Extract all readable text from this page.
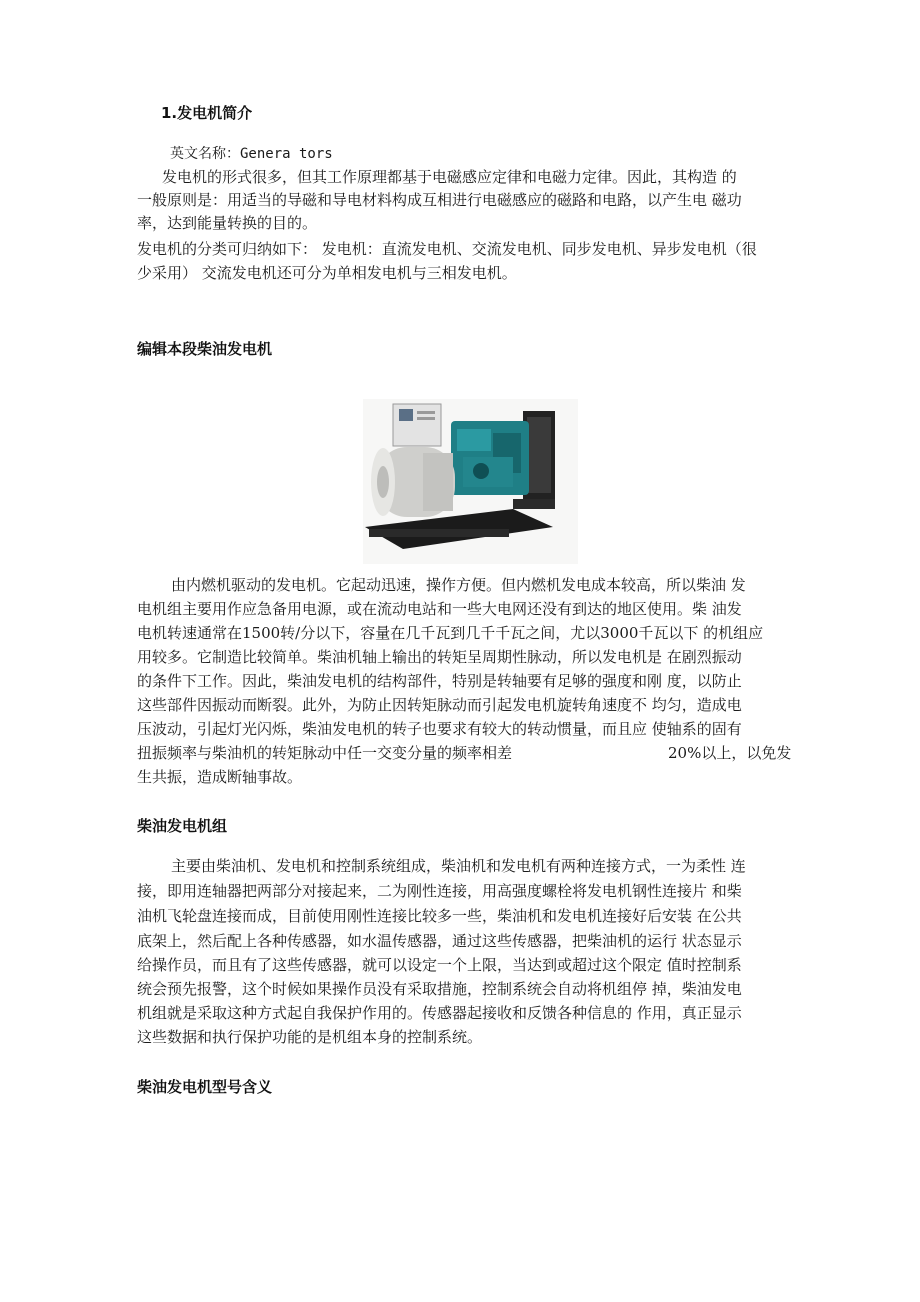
1.发电机简介
英文名称：Genera tors
发电机的形式很多，但其工作原理都基于电磁感应定律和电磁力定律。因此，其构造 的
一般原则是：用适当的导磁和导电材料构成互相进行电磁感应的磁路和电路，以产生电 磁功
率，达到能量转换的目的。
发电机的分类可归纳如下： 发电机：直流发电机、交流发电机、同步发电机、异步发电机（很
少采用） 交流发电机还可分为单相发电机与三相发电机。
编辑本段柴油发电机
由内燃机驱动的发电机。它起动迅速，操作方便。但内燃机发电成本较高，所以柴油 发
电机组主要用作应急备用电源，或在流动电站和一些大电网还没有到达的地区使用。柴 油发
电机转速通常在1500转/分以下，容量在几千瓦到几千千瓦之间，尤以3000千瓦以下 的机组应
用较多。它制造比较简单。柴油机轴上输出的转矩呈周期性脉动，所以发电机是 在剧烈振动
的条件下工作。因此，柴油发电机的结构部件，特别是转轴要有足够的强度和刚 度，以防止
这些部件因振动而断裂。此外，为防止因转矩脉动而引起发电机旋转角速度不 均匀，造成电
压波动，引起灯光闪烁，柴油发电机的转子也要求有较大的转动惯量，而且应 使轴系的固有
扭振频率与柴油机的转矩脉动中任一交变分量的频率相差	20%以上，以免发
生共振，造成断轴事故。
柴油发电机组
主要由柴油机、发电机和控制系统组成，柴油机和发电机有两种连接方式，一为柔性 连
接，即用连轴器把两部分对接起来，二为刚性连接，用高强度螺栓将发电机钢性连接片 和柴
油机飞轮盘连接而成，目前使用刚性连接比较多一些，柴油机和发电机连接好后安装 在公共
底架上，然后配上各种传感器，如水温传感器，通过这些传感器，把柴油机的运行 状态显示
给操作员，而且有了这些传感器，就可以设定一个上限，当达到或超过这个限定 值时控制系
统会预先报警，这个时候如果操作员没有采取措施，控制系统会自动将机组停 掉，柴油发电
机组就是采取这种方式起自我保护作用的。传感器起接收和反馈各种信息的 作用，真正显示
这些数据和执行保护功能的是机组本身的控制系统。
柴油发电机型号含义
